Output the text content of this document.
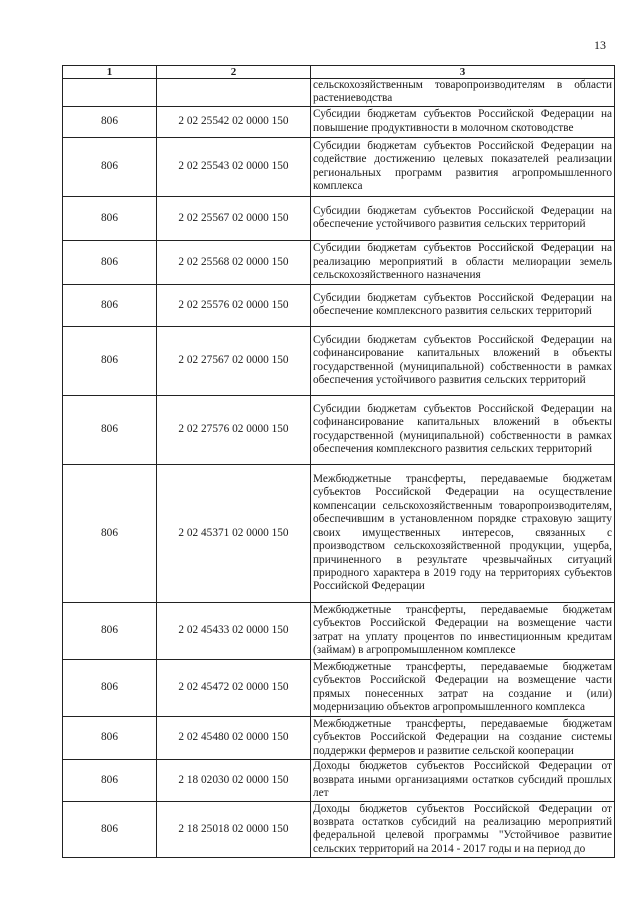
13
1	2	3
		сельскохозяйственным товаропроизводителям в области растениеводства
806	2 02 25542 02 0000 150	Субсидии бюджетам субъектов Российской Федерации на повышение продуктивности в молочном скотоводстве
806	2 02 25543 02 0000 150	Субсидии бюджетам субъектов Российской Федерации на содействие достижению целевых показателей реализации региональных программ развития агропромышленного комплекса
806	2 02 25567 02 0000 150	Субсидии бюджетам субъектов Российской Федерации на обеспечение устойчивого развития сельских территорий
806	2 02 25568 02 0000 150	Субсидии бюджетам субъектов Российской Федерации на реализацию мероприятий в области мелиорации земель сельскохозяйственного назначения
806	2 02 25576 02 0000 150	Субсидии бюджетам субъектов Российской Федерации на обеспечение комплексного развития сельских территорий
806	2 02 27567 02 0000 150	Субсидии бюджетам субъектов Российской Федерации на софинансирование капитальных вложений в объекты государственной (муниципальной) собственности в рамках обеспечения устойчивого развития сельских территорий
806	2 02 27576 02 0000 150	Субсидии бюджетам субъектов Российской Федерации на софинансирование капитальных вложений в объекты государственной (муниципальной) собственности в рамках обеспечения комплексного развития сельских территорий
806	2 02 45371 02 0000 150	Межбюджетные трансферты, передаваемые бюджетам субъектов Российской Федерации на осуществление компенсации сельскохозяйственным товаропроизводителям, обеспечившим в установленном порядке страховую защиту своих имущественных интересов, связанных с производством сельскохозяйственной продукции, ущерба, причиненного в результате чрезвычайных ситуаций природного характера в 2019 году на территориях субъектов Российской Федерации
806	2 02 45433 02 0000 150	Межбюджетные трансферты, передаваемые бюджетам субъектов Российской Федерации на возмещение части затрат на уплату процентов по инвестиционным кредитам (займам) в агропромышленном комплексе
806	2 02 45472 02 0000 150	Межбюджетные трансферты, передаваемые бюджетам субъектов Российской Федерации на возмещение части прямых понесенных затрат на создание и (или) модернизацию объектов агропромышленного комплекса
806	2 02 45480 02 0000 150	Межбюджетные трансферты, передаваемые бюджетам субъектов Российской Федерации на создание системы поддержки фермеров и развитие сельской кооперации
806	2 18 02030 02 0000 150	Доходы бюджетов субъектов Российской Федерации от возврата иными организациями остатков субсидий прошлых лет
806	2 18 25018 02 0000 150	Доходы бюджетов субъектов Российской Федерации от возврата остатков субсидий на реализацию мероприятий федеральной целевой программы "Устойчивое развитие сельских территорий на 2014 - 2017 годы и на период до
